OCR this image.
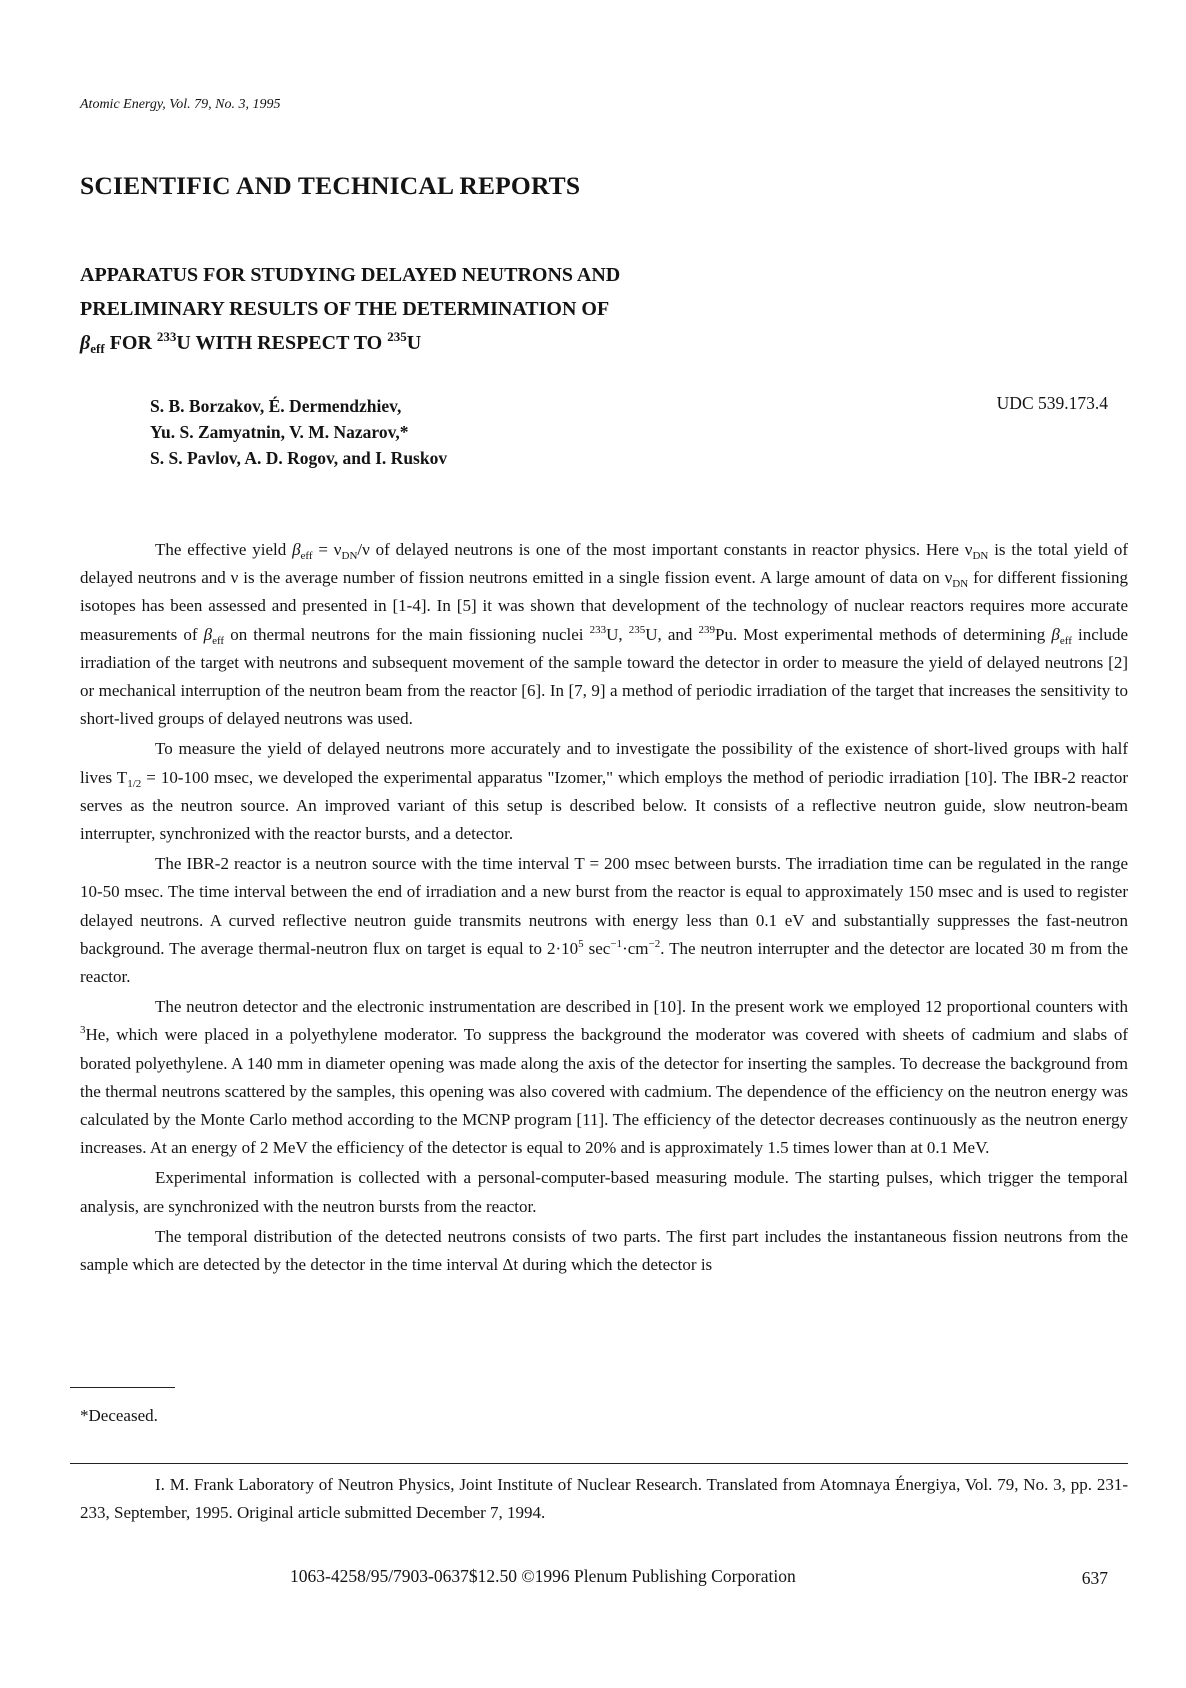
Atomic Energy, Vol. 79, No. 3, 1995
SCIENTIFIC AND TECHNICAL REPORTS
APPARATUS FOR STUDYING DELAYED NEUTRONS AND
PRELIMINARY RESULTS OF THE DETERMINATION OF
$\beta_{eff}$ FOR $^{233}$U WITH RESPECT TO $^{235}$U
S. B. Borzakov, É. Dermendzhiev,
Yu. S. Zamyatnin, V. M. Nazarov,*
S. S. Pavlov, A. D. Rogov, and I. Ruskov
UDC 539.173.4

The effective yield $\beta_{eff} = \nu_{DN}/\nu$ of delayed neutrons is one of the most important constants in reactor physics. Here $\nu_{DN}$ is the total yield of delayed neutrons and ν is the average number of fission neutrons emitted in a single fission event. A large amount of data on $\nu_{DN}$ for different fissioning isotopes has been assessed and presented in [1-4]. In [5] it was shown that development of the technology of nuclear reactors requires more accurate measurements of $\beta_{eff}$ on thermal neutrons for the main fissioning nuclei $^{233}$U, $^{235}$U, and $^{239}$Pu. Most experimental methods of determining $\beta_{eff}$ include irradiation of the target with neutrons and subsequent movement of the sample toward the detector in order to measure the yield of delayed neutrons [2] or mechanical interruption of the neutron beam from the reactor [6]. In [7, 9] a method of periodic irradiation of the target that increases the sensitivity to short-lived groups of delayed neutrons was used.

To measure the yield of delayed neutrons more accurately and to investigate the possibility of the existence of short-lived groups with half lives $T_{1/2} = 10-100$ msec, we developed the experimental apparatus "Izomer," which employs the method of periodic irradiation [10]. The IBR-2 reactor serves as the neutron source. An improved variant of this setup is described below. It consists of a reflective neutron guide, slow neutron-beam interrupter, synchronized with the reactor bursts, and a detector.

The IBR-2 reactor is a neutron source with the time interval T = 200 msec between bursts. The irradiation time can be regulated in the range 10-50 msec. The time interval between the end of irradiation and a new burst from the reactor is equal to approximately 150 msec and is used to register delayed neutrons. A curved reflective neutron guide transmits neutrons with energy less than 0.1 eV and substantially suppresses the fast-neutron background. The average thermal-neutron flux on target is equal to $2\cdot 10^5$ $\sec^{-1}\cdot cm^{-2}$. The neutron interrupter and the detector are located 30 m from the reactor.

The neutron detector and the electronic instrumentation are described in [10]. In the present work we employed 12 proportional counters with $^3$He, which were placed in a polyethylene moderator. To suppress the background the moderator was covered with sheets of cadmium and slabs of borated polyethylene. A 140 mm in diameter opening was made along the axis of the detector for inserting the samples. To decrease the background from the thermal neutrons scattered by the samples, this opening was also covered with cadmium. The dependence of the efficiency on the neutron energy was calculated by the Monte Carlo method according to the MCNP program [11]. The efficiency of the detector decreases continuously as the neutron energy increases. At an energy of 2 MeV the efficiency of the detector is equal to 20% and is approximately 1.5 times lower than at 0.1 MeV.

Experimental information is collected with a personal-computer-based measuring module. The starting pulses, which trigger the temporal analysis, are synchronized with the neutron bursts from the reactor.

The temporal distribution of the detected neutrons consists of two parts. The first part includes the instantaneous fission neutrons from the sample which are detected by the detector in the time interval Δt during which the detector is

*Deceased.
I. M. Frank Laboratory of Neutron Physics, Joint Institute of Nuclear Research. Translated from Atomnaya Énergiya, Vol. 79, No. 3, pp. 231-233, September, 1995. Original article submitted December 7, 1994.
1063-4258/95/7903-0637$12.50 ©1996 Plenum Publishing Corporation	637
